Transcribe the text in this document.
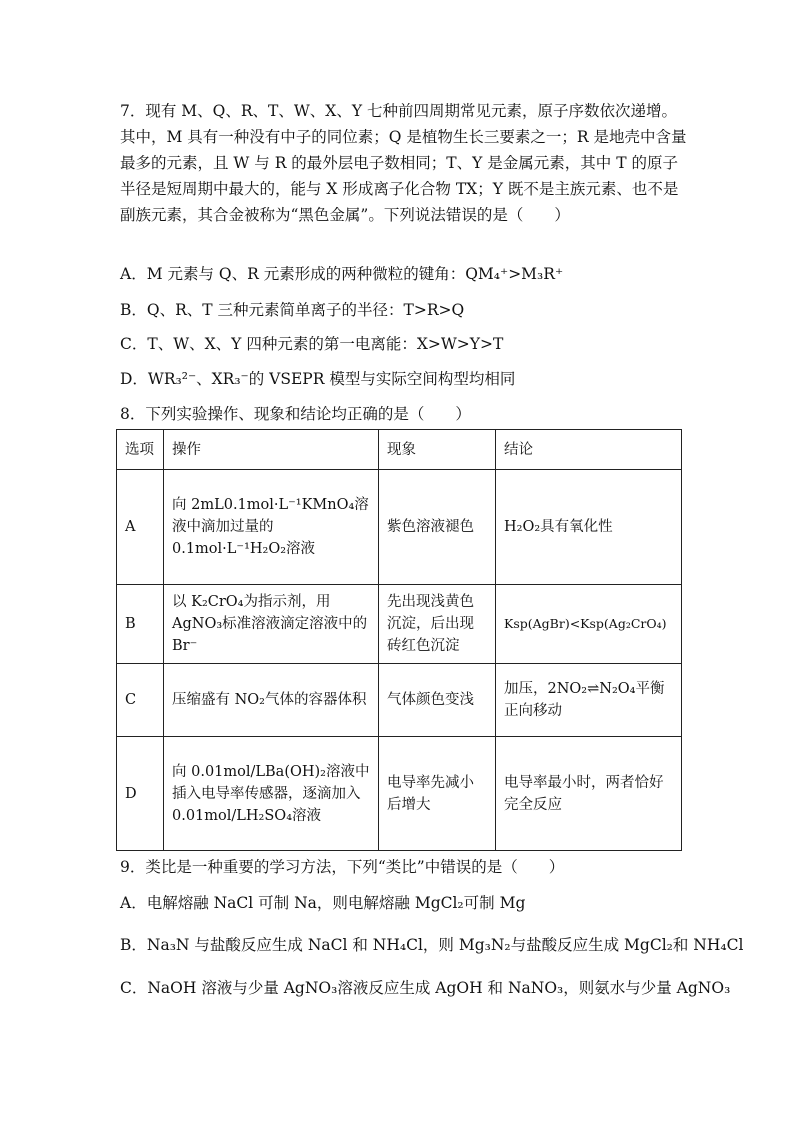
7．现有 M、Q、R、T、W、X、Y 七种前四周期常见元素，原子序数依次递增。其中，M 具有一种没有中子的同位素；Q 是植物生长三要素之一；R 是地壳中含量最多的元素，且 W 与 R 的最外层电子数相同；T、Y 是金属元素，其中 T 的原子半径是短周期中最大的，能与 X 形成离子化合物 TX；Y 既不是主族元素、也不是副族元素，其合金被称为“黑色金属”。下列说法错误的是（　　）
A．M 元素与 Q、R 元素形成的两种微粒的键角：QM₄⁺>M₃R⁺
B．Q、R、T 三种元素简单离子的半径：T>R>Q
C．T、W、X、Y 四种元素的第一电离能：X>W>Y>T
D．WR₃²⁻、XR₃⁻的 VSEPR 模型与实际空间构型均相同
8．下列实验操作、现象和结论均正确的是（　　）
选项	操作	现象	结论
A	向 2mL0.1mol·L⁻¹KMnO₄溶液中滴加过量的 0.1mol·L⁻¹H₂O₂溶液	紫色溶液褪色	H₂O₂具有氧化性
B	以 K₂CrO₄为指示剂，用 AgNO₃标准溶液滴定溶液中的 Br⁻	先出现浅黄色沉淀，后出现砖红色沉淀	Ksp(AgBr)<Ksp(Ag₂CrO₄)
C	压缩盛有 NO₂气体的容器体积	气体颜色变浅	加压，2NO₂⇌N₂O₄平衡正向移动
D	向 0.01mol/LBa(OH)₂溶液中插入电导率传感器，逐滴加入 0.01mol/LH₂SO₄溶液	电导率先减小后增大	电导率最小时，两者恰好完全反应
9．类比是一种重要的学习方法，下列“类比”中错误的是（　　）
A．电解熔融 NaCl 可制 Na，则电解熔融 MgCl₂可制 Mg
B．Na₃N 与盐酸反应生成 NaCl 和 NH₄Cl，则 Mg₃N₂与盐酸反应生成 MgCl₂和 NH₄Cl
C．NaOH 溶液与少量 AgNO₃溶液反应生成 AgOH 和 NaNO₃，则氨水与少量 AgNO₃
